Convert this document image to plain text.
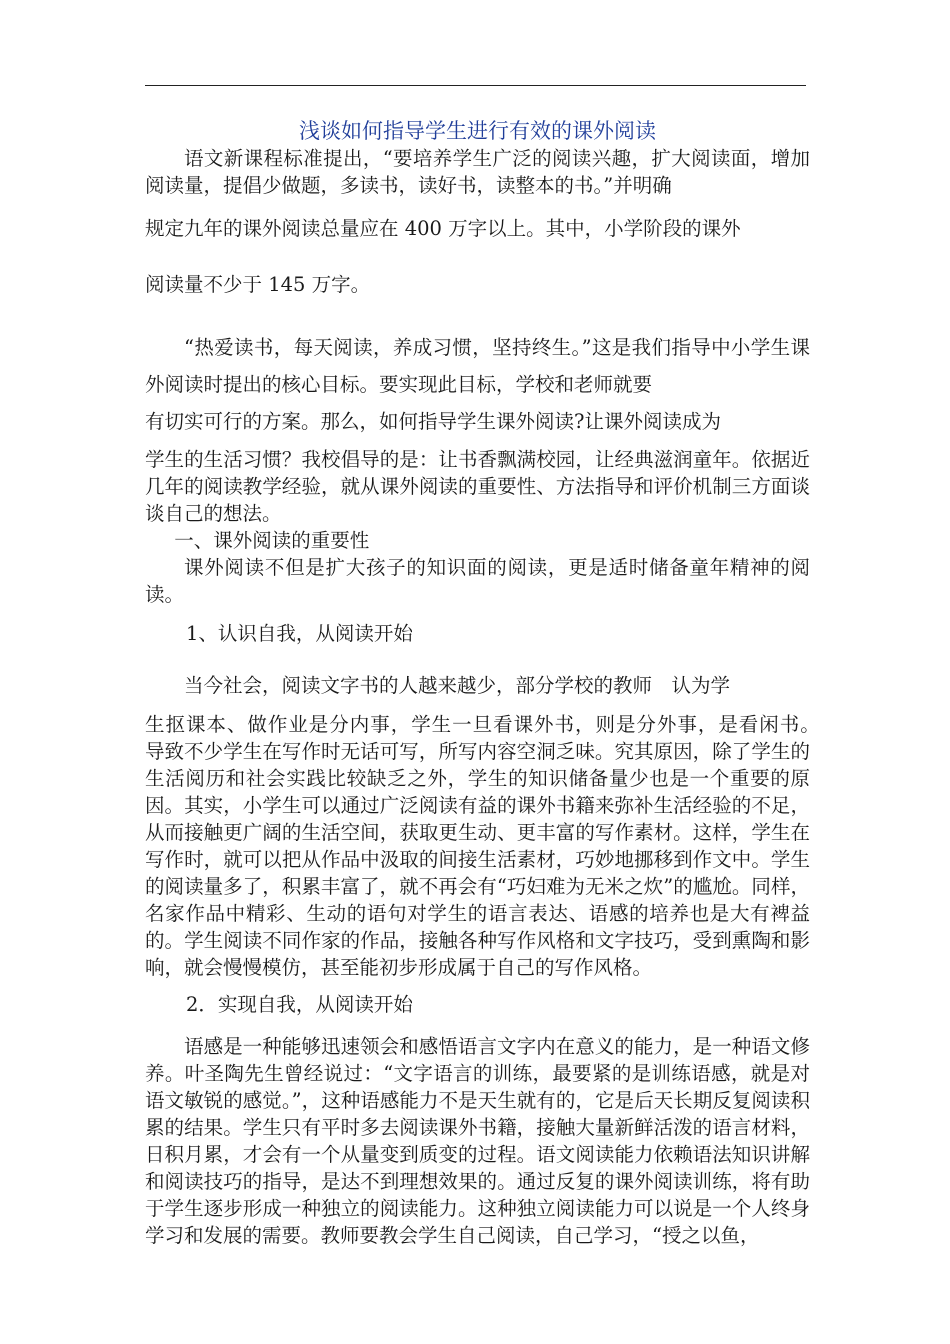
浅谈如何指导学生进行有效的课外阅读

语文新课程标准提出，“要培养学生广泛的阅读兴趣，扩大阅读面，增加阅读量，提倡少做题，多读书，读好书，读整本的书。”并明确

规定九年的课外阅读总量应在 400 万字以上。其中，小学阶段的课外

阅读量不少于 145 万字。

“热爱读书，每天阅读，养成习惯，坚持终生。”这是我们指导中小学生课外阅读时提出的核心目标。要实现此目标，学校和老师就要

有切实可行的方案。那么，如何指导学生课外阅读?让课外阅读成为

学生的生活习惯？我校倡导的是：让书香飘满校园，让经典滋润童年。依据近几年的阅读教学经验，就从课外阅读的重要性、方法指导和评价机制三方面谈谈自己的想法。

一、课外阅读的重要性

课外阅读不但是扩大孩子的知识面的阅读，更是适时储备童年精神的阅读。

1、认识自我，从阅读开始

当今社会，阅读文字书的人越来越少，部分学校的教师　认为学

生抠课本、做作业是分内事，学生一旦看课外书，则是分外事，是看闲书。　导致不少学生在写作时无话可写，所写内容空洞乏味。究其原因，除了学生的生活阅历和社会实践比较缺乏之外，学生的知识储备量少也是一个重要的原因。其实，小学生可以通过广泛阅读有益的课外书籍来弥补生活经验的不足，从而接触更广阔的生活空间，获取更生动、更丰富的写作素材。这样，学生在写作时，就可以把从作品中汲取的间接生活素材，巧妙地挪移到作文中。学生的阅读量多了，积累丰富了，就不再会有“巧妇难为无米之炊”的尴尬。同样，名家作品中精彩、生动的语句对学生的语言表达、语感的培养也是大有裨益的。学生阅读不同作家的作品，接触各种写作风格和文字技巧，受到熏陶和影响，就会慢慢模仿，甚至能初步形成属于自己的写作风格。

2．实现自我，从阅读开始

语感是一种能够迅速领会和感悟语言文字内在意义的能力，是一种语文修养。叶圣陶先生曾经说过：“文字语言的训练，最要紧的是训练语感，就是对语文敏锐的感觉。”，这种语感能力不是天生就有的，它是后天长期反复阅读积累的结果。学生只有平时多去阅读课外书籍，接触大量新鲜活泼的语言材料，日积月累，才会有一个从量变到质变的过程。语文阅读能力依赖语法知识讲解和阅读技巧的指导，是达不到理想效果的。通过反复的课外阅读训练，将有助于学生逐步形成一种独立的阅读能力。这种独立阅读能力可以说是一个人终身学习和发展的需要。教师要教会学生自己阅读，自己学习，“授之以鱼，
